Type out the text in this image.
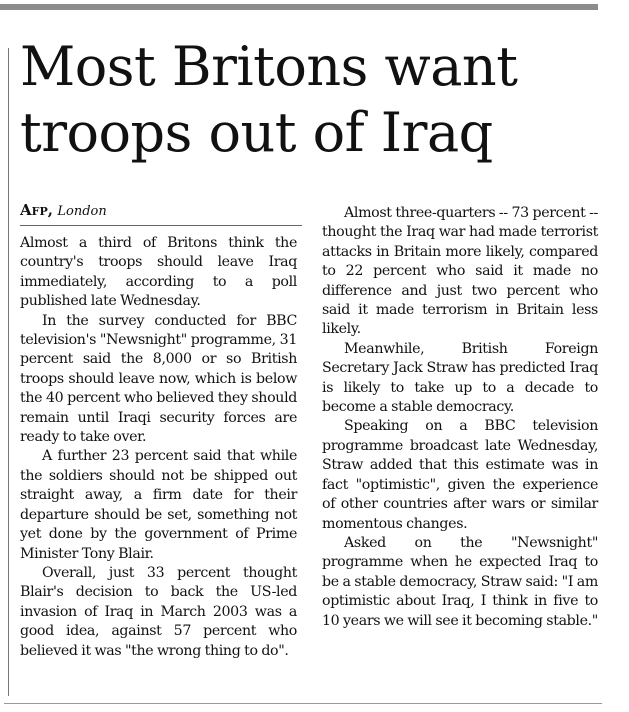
Most Britons want troops out of Iraq
Afp, London

Almost a third of Britons think the country's troops should leave Iraq immediately, according to a poll published late Wednesday.

In the survey conducted for BBC television's "Newsnight" programme, 31 percent said the 8,000 or so British troops should leave now, which is below the 40 percent who believed they should remain until Iraqi security forces are ready to take over.

A further 23 percent said that while the soldiers should not be shipped out straight away, a firm date for their departure should be set, something not yet done by the government of Prime Minister Tony Blair.

Overall, just 33 percent thought Blair's decision to back the US-led invasion of Iraq in March 2003 was a good idea, against 57 percent who believed it was "the wrong thing to do".

Almost three-quarters -- 73 percent -- thought the Iraq war had made terrorist attacks in Britain more likely, compared to 22 percent who said it made no difference and just two percent who said it made terrorism in Britain less likely.

Meanwhile, British Foreign Secretary Jack Straw has predicted Iraq is likely to take up to a decade to become a stable democracy.

Speaking on a BBC television programme broadcast late Wednesday, Straw added that this estimate was in fact "optimistic", given the experience of other countries after wars or similar momentous changes.

Asked on the "Newsnight" programme when he expected Iraq to be a stable democracy, Straw said: "I am optimistic about Iraq, I think in five to 10 years we will see it becoming stable."
